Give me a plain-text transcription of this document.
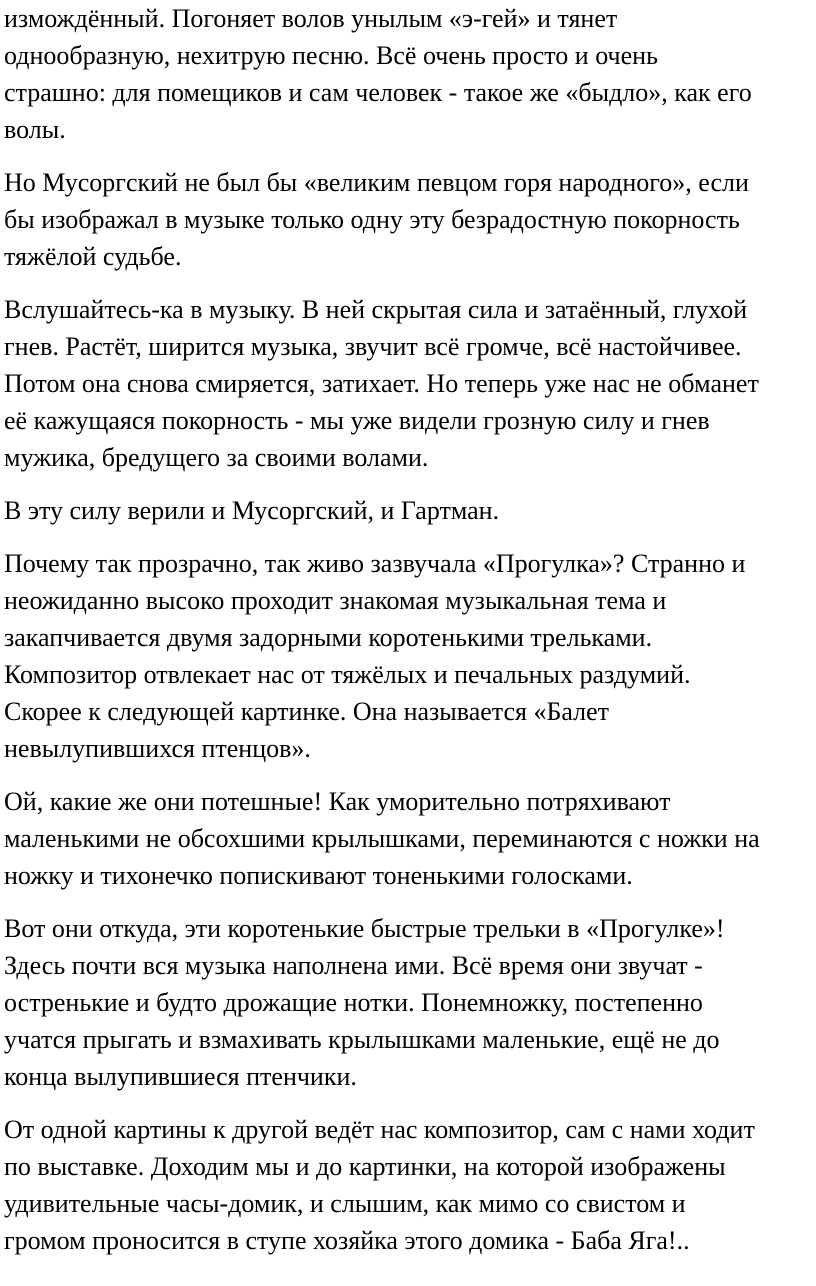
измождённый. Погоняет волов унылым «э-гей» и тянет
однообразную, нехитрую песню. Всё очень просто и очень
страшно: для помещиков и сам человек - такое же «быдло», как его
волы.

Но Мусоргский не был бы «великим певцом горя народного», если
бы изображал в музыке только одну эту безрадостную покорность
тяжёлой судьбе.

Вслушайтесь-ка в музыку. В ней скрытая сила и затаённый, глухой
гнев. Растёт, ширится музыка, звучит всё громче, всё настойчивее.
Потом она снова смиряется, затихает. Но теперь уже нас не обманет
её кажущаяся покорность - мы уже видели грозную силу и гнев
мужика, бредущего за своими волами.

В эту силу верили и Мусоргский, и Гартман.

Почему так прозрачно, так живо зазвучала «Прогулка»? Странно и
неожиданно высоко проходит знакомая музыкальная тема и
закапчивается двумя задорными коротенькими трельками.
Композитор отвлекает нас от тяжёлых и печальных раздумий.
Скорее к следующей картинке. Она называется «Балет
невылупившихся птенцов».

Ой, какие же они потешные! Как уморительно потряхивают
маленькими не обсохшими крылышками, переминаются с ножки на
ножку и тихонечко попискивают тоненькими голосками.

Вот они откуда, эти коротенькие быстрые трельки в «Прогулке»!
Здесь почти вся музыка наполнена ими. Всё время они звучат -
остренькие и будто дрожащие нотки. Понемножку, постепенно
учатся прыгать и взмахивать крылышками маленькие, ещё не до
конца вылупившиеся птенчики.

От одной картины к другой ведёт нас композитор, сам с нами ходит
по выставке. Доходим мы и до картинки, на которой изображены
удивительные часы-домик, и слышим, как мимо со свистом и
громом проносится в ступе хозяйка этого домика - Баба Яга!..
